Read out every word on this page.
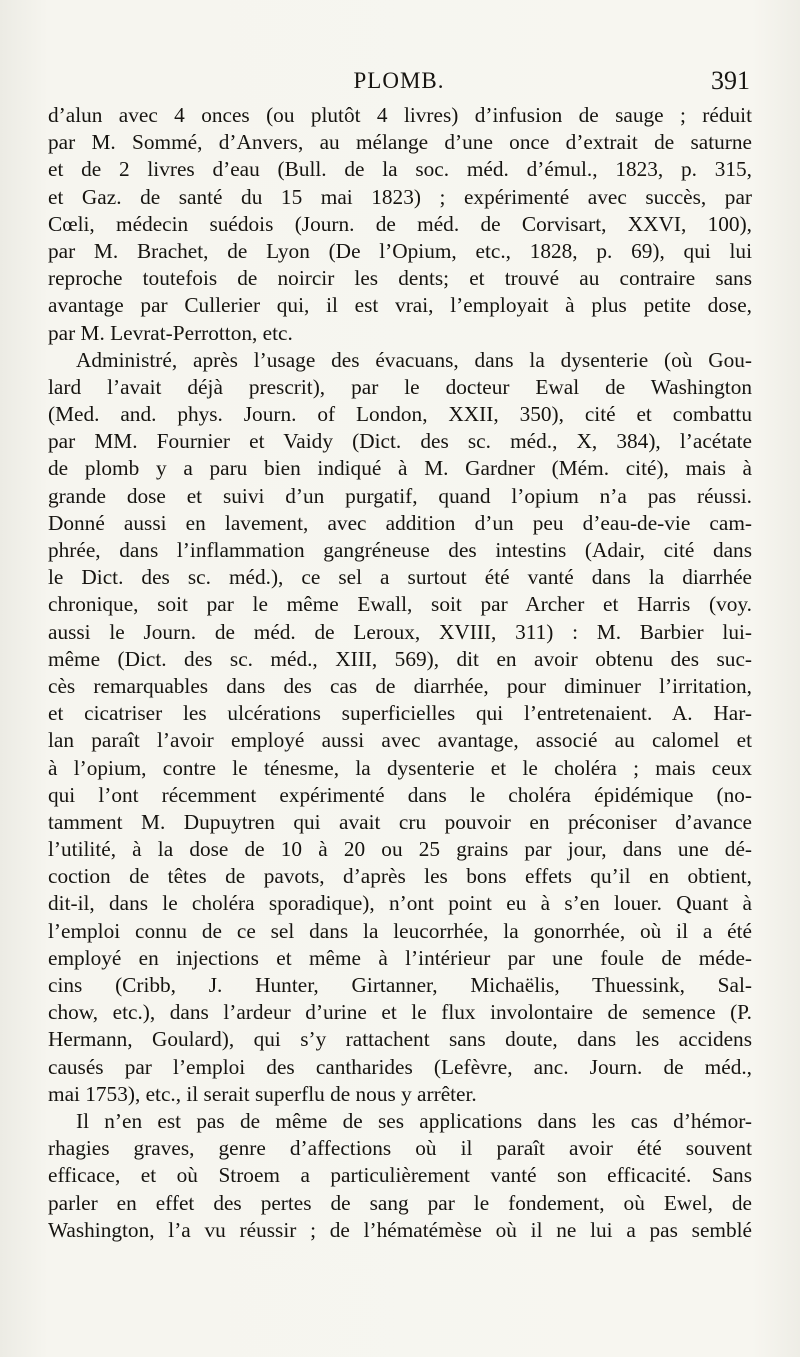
PLOMB.	391
d’alun avec 4 onces (ou plutôt 4 livres) d’infusion de sauge ; réduit
par M. Sommé, d’Anvers, au mélange d’une once d’extrait de saturne
et de 2 livres d’eau (Bull. de la soc. méd. d’émul., 1823, p. 315,
et Gaz. de santé du 15 mai 1823) ; expérimenté avec succès, par
Cœli, médecin suédois (Journ. de méd. de Corvisart, XXVI, 100),
par M. Brachet, de Lyon (De l’Opium, etc., 1828, p. 69), qui lui
reproche toutefois de noircir les dents; et trouvé au contraire sans
avantage par Cullerier qui, il est vrai, l’employait à plus petite dose,
par M. Levrat-Perrotton, etc.
Administré, après l’usage des évacuans, dans la dysenterie (où Gou-
lard l’avait déjà prescrit), par le docteur Ewal de Washington
(Med. and. phys. Journ. of London, XXII, 350), cité et combattu
par MM. Fournier et Vaidy (Dict. des sc. méd., X, 384), l’acétate
de plomb y a paru bien indiqué à M. Gardner (Mém. cité), mais à
grande dose et suivi d’un purgatif, quand l’opium n’a pas réussi.
Donné aussi en lavement, avec addition d’un peu d’eau-de-vie cam-
phrée, dans l’inflammation gangréneuse des intestins (Adair, cité dans
le Dict. des sc. méd.), ce sel a surtout été vanté dans la diarrhée
chronique, soit par le même Ewall, soit par Archer et Harris (voy.
aussi le Journ. de méd. de Leroux, XVIII, 311) : M. Barbier lui-
même (Dict. des sc. méd., XIII, 569), dit en avoir obtenu des suc-
cès remarquables dans des cas de diarrhée, pour diminuer l’irritation,
et cicatriser les ulcérations superficielles qui l’entretenaient. A. Har-
lan paraît l’avoir employé aussi avec avantage, associé au calomel et
à l’opium, contre le ténesme, la dysenterie et le choléra ; mais ceux
qui l’ont récemment expérimenté dans le choléra épidémique (no-
tamment M. Dupuytren qui avait cru pouvoir en préconiser d’avance
l’utilité, à la dose de 10 à 20 ou 25 grains par jour, dans une dé-
coction de têtes de pavots, d’après les bons effets qu’il en obtient,
dit-il, dans le choléra sporadique), n’ont point eu à s’en louer. Quant à
l’emploi connu de ce sel dans la leucorrhée, la gonorrhée, où il a été
employé en injections et même à l’intérieur par une foule de méde-
cins (Cribb, J. Hunter, Girtanner, Michaëlis, Thuessink, Sal-
chow, etc.), dans l’ardeur d’urine et le flux involontaire de semence (P.
Hermann, Goulard), qui s’y rattachent sans doute, dans les accidens
causés par l’emploi des cantharides (Lefèvre, anc. Journ. de méd.,
mai 1753), etc., il serait superflu de nous y arrêter.
Il n’en est pas de même de ses applications dans les cas d’hémor-
rhagies graves, genre d’affections où il paraît avoir été souvent
efficace, et où Stroem a particulièrement vanté son efficacité. Sans
parler en effet des pertes de sang par le fondement, où Ewel, de
Washington, l’a vu réussir ; de l’hématémèse où il ne lui a pas semblé
